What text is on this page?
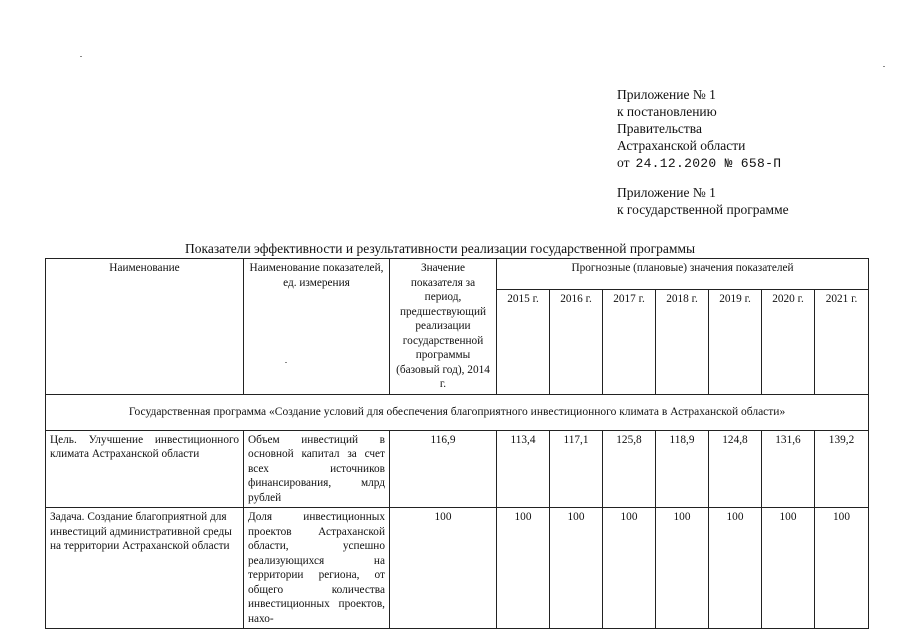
Приложение № 1
к постановлению
Правительства
Астраханской области
от 24.12.2020 № 658-П
Приложение № 1
к государственной программе
Показатели эффективности и результативности реализации государственной программы
Наименование	Наименование показателей, ед. измерения	Значение показателя за период, предшествующий реализации государственной программы (базовый год), 2014 г.	Прогнозные (плановые) значения показателей						
			2015 г.	2016 г.	2017 г.	2018 г.	2019 г.	2020 г.	2021 г.
Государственная программа «Создание условий для обеспечения благоприятного инвестиционного климата в Астраханской области»									
Цель. Улучшение инвестиционного климата Астраханской области	Объем инвестиций в основной капитал за счет всех источников финансирования, млрд рублей	116,9	113,4	117,1	125,8	118,9	124,8	131,6	139,2
Задача. Создание благоприятной для инвестиций административной среды на территории Астраханской области	Доля инвестиционных проектов Астраханской области, успешно реализующихся на территории региона, от общего количества инвестиционных проектов, нахо-	100	100	100	100	100	100	100	100
